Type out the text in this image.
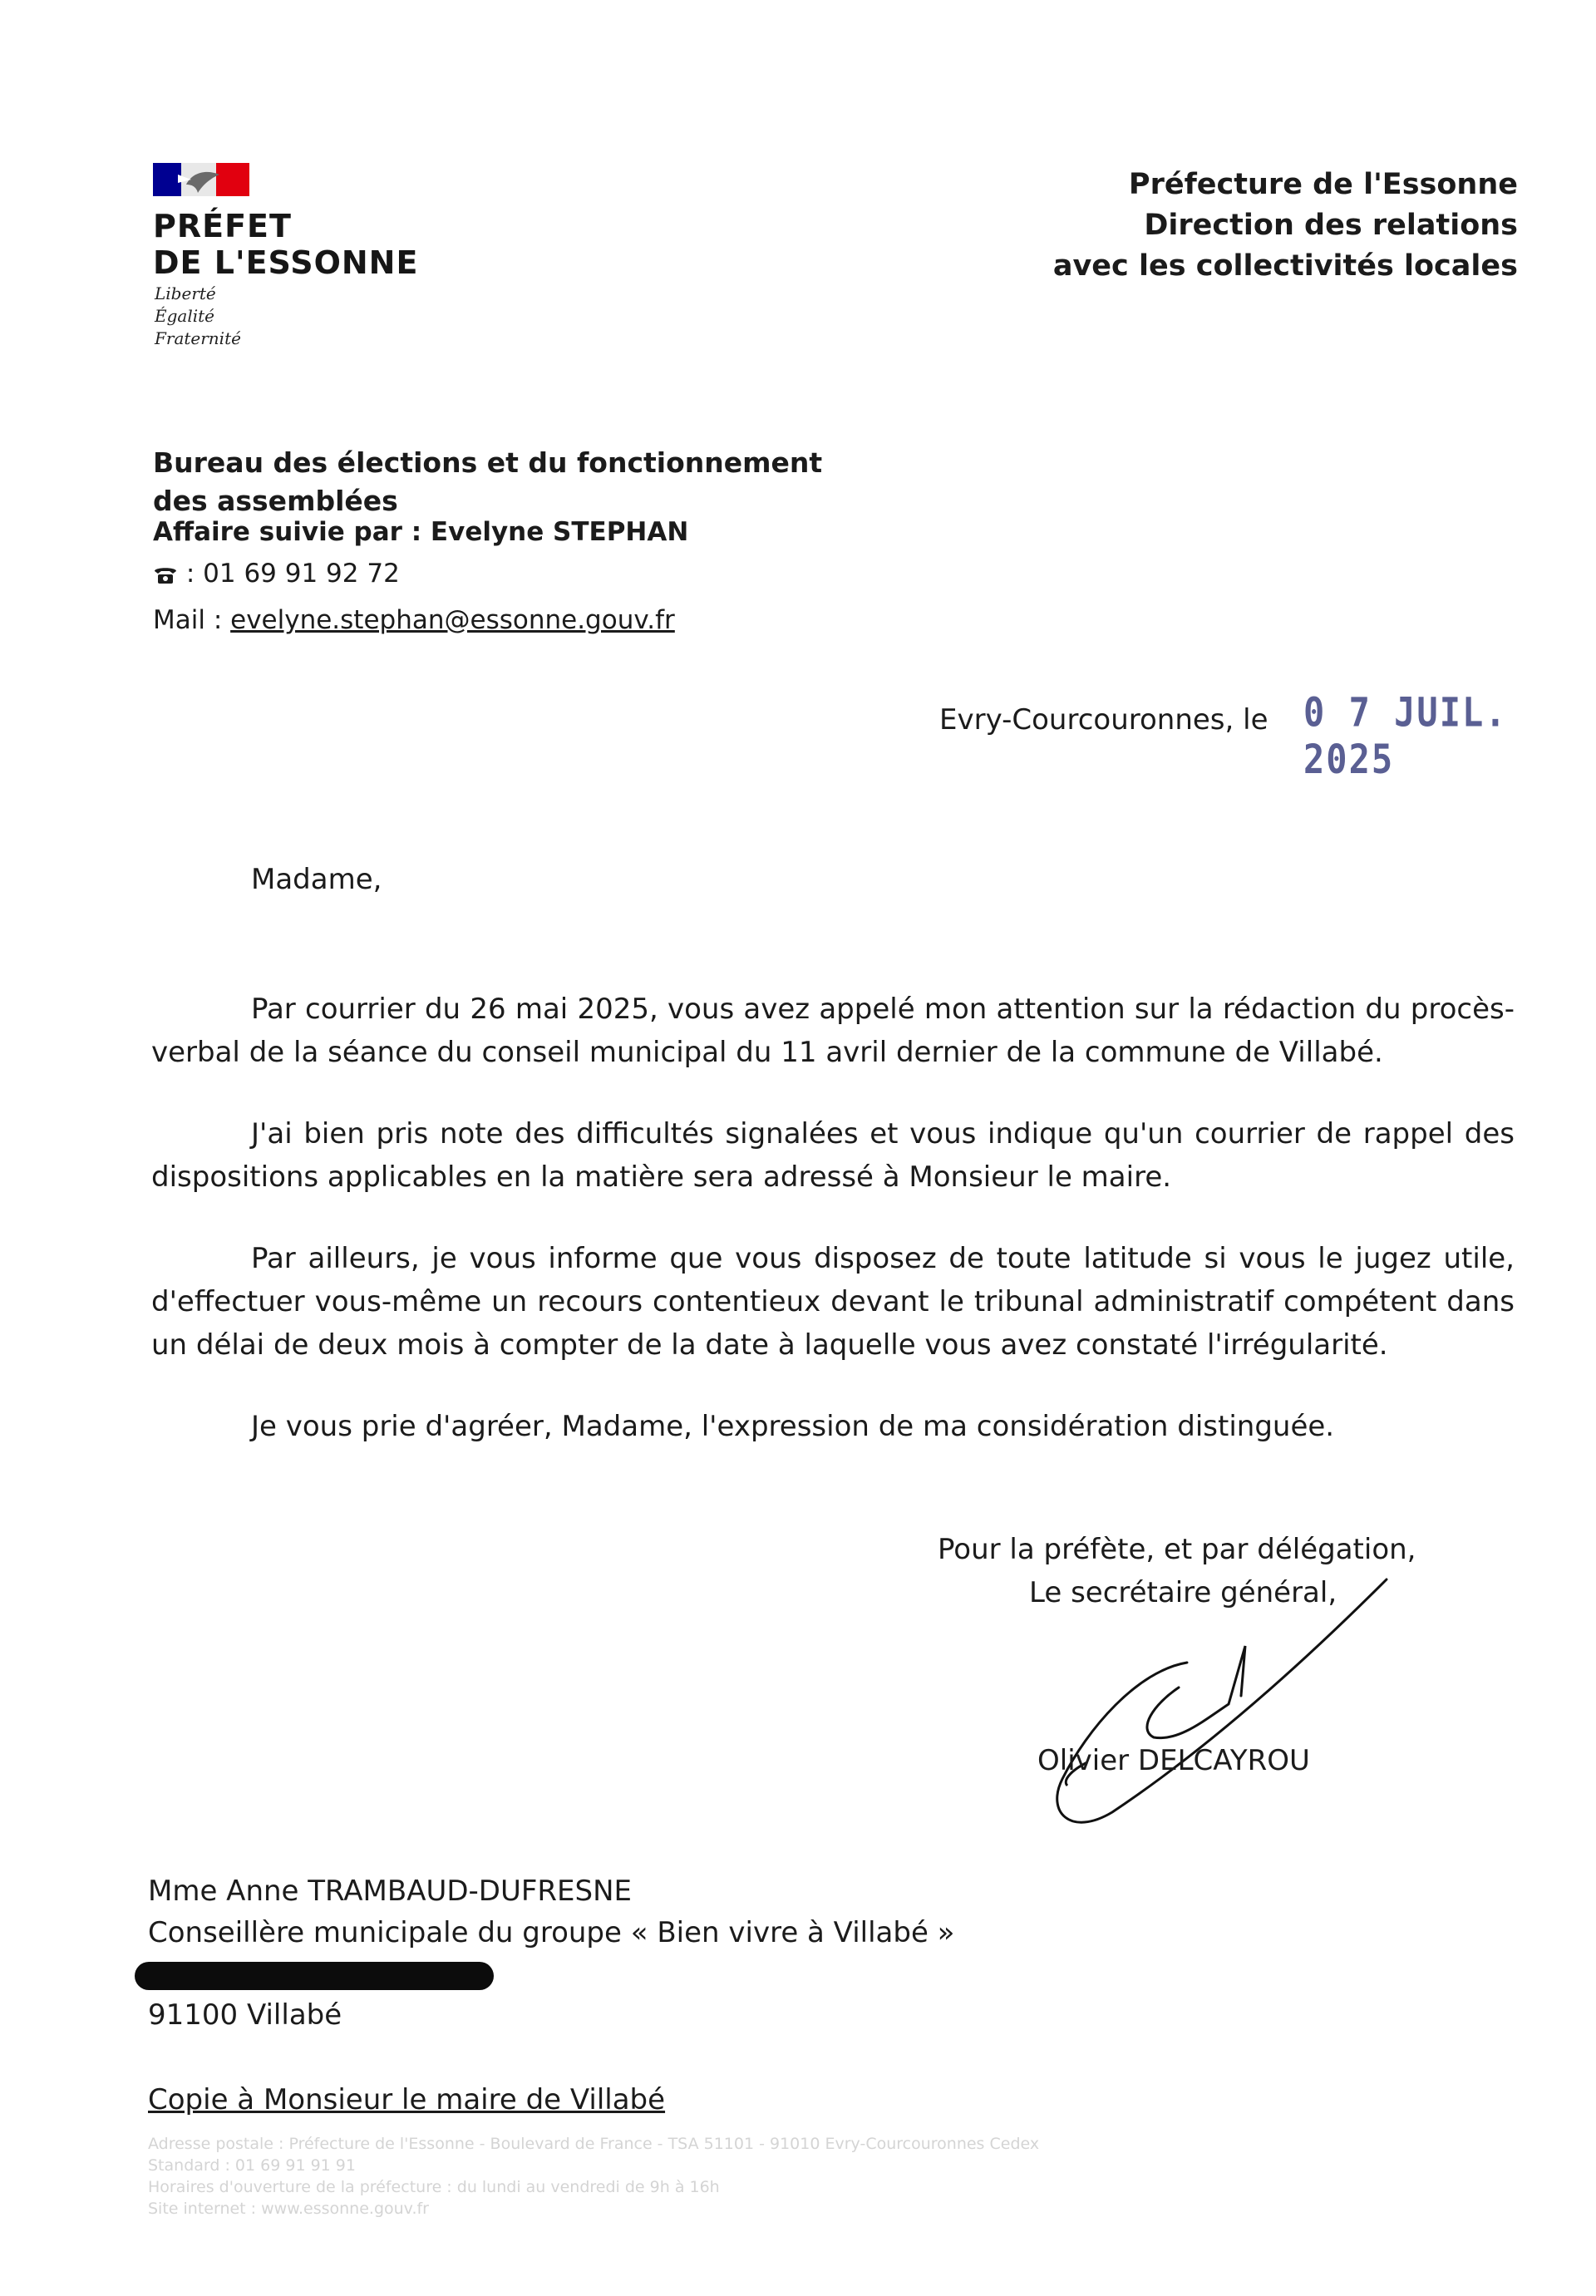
PRÉFET
DE L'ESSONNE
Liberté
Égalité
Fraternité
Préfecture de l'Essonne
Direction des relations
avec les collectivités locales
Bureau des élections et du fonctionnement
des assemblées
Affaire suivie par : Evelyne STEPHAN
: 01 69 91 92 72
Mail : evelyne.stephan@essonne.gouv.fr
Evry-Courcouronnes, le 0 7 JUIL. 2025
Madame,
Par courrier du 26 mai 2025, vous avez appelé mon attention sur la rédaction du procès-verbal de la séance du conseil municipal du 11 avril dernier de la commune de Villabé.
J'ai bien pris note des difficultés signalées et vous indique qu'un courrier de rappel des dispositions applicables en la matière sera adressé à Monsieur le maire.
Par ailleurs, je vous informe que vous disposez de toute latitude si vous le jugez utile, d'effectuer vous-même un recours contentieux devant le tribunal administratif compétent dans un délai de deux mois à compter de la date à laquelle vous avez constaté l'irrégularité.
Je vous prie d'agréer, Madame, l'expression de ma considération distinguée.
Pour la préfète, et par délégation,
Le secrétaire général,
Olivier DELCAYROU
Mme Anne TRAMBAUD-DUFRESNE
Conseillère municipale du groupe « Bien vivre à Villabé »
91100 Villabé
Copie à Monsieur le maire de Villabé
Adresse postale : Préfecture de l'Essonne - Boulevard de France - TSA 51101 - 91010 Evry-Courcouronnes Cedex
Standard : 01 69 91 91 91
Horaires d'ouverture de la préfecture : du lundi au vendredi de 9h à 16h
Site internet : www.essonne.gouv.fr
